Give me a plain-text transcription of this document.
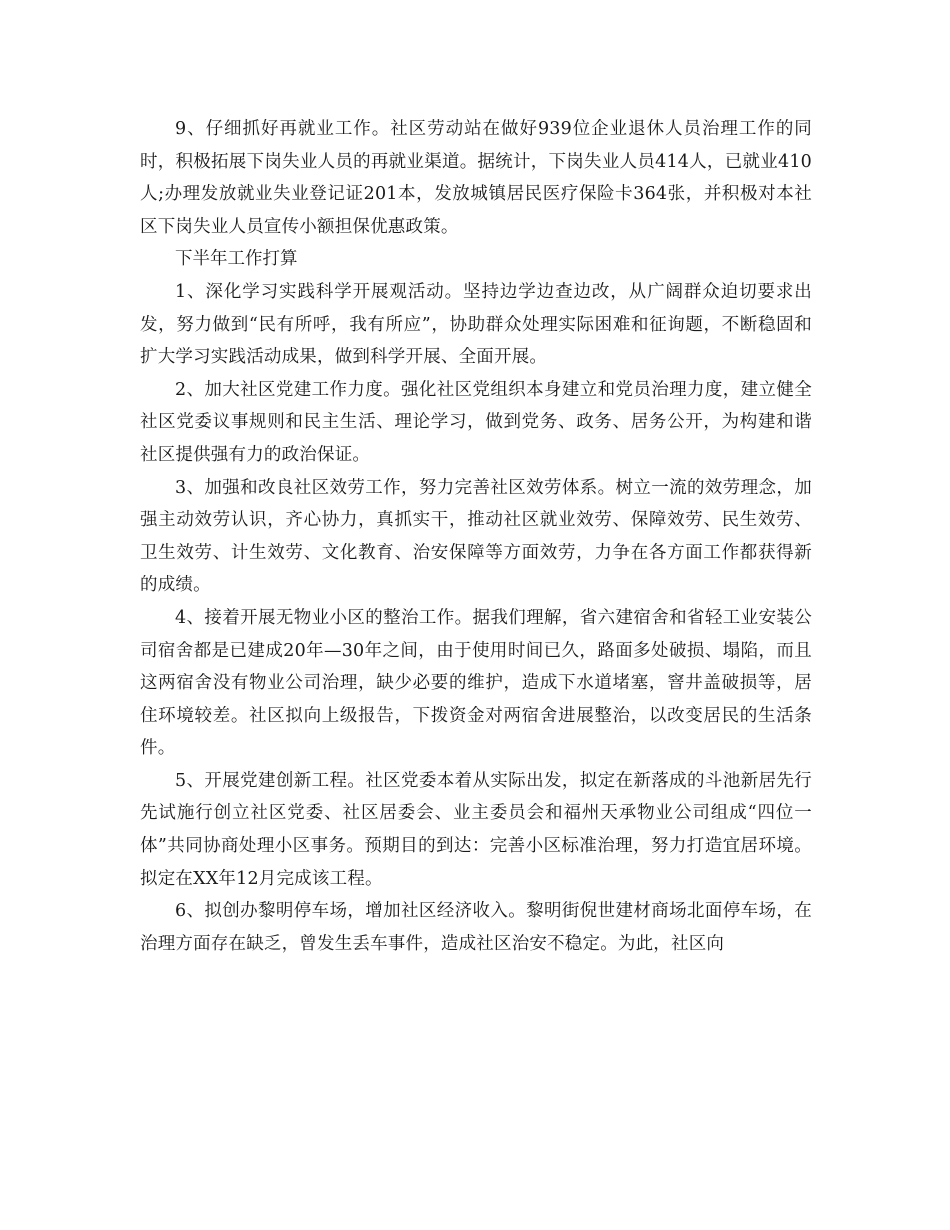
9、仔细抓好再就业工作。社区劳动站在做好939位企业退休人员治理工作的同时，积极拓展下岗失业人员的再就业渠道。据统计，下岗失业人员414人，已就业410人;办理发放就业失业登记证201本，发放城镇居民医疗保险卡364张，并积极对本社区下岗失业人员宣传小额担保优惠政策。

下半年工作打算

1、深化学习实践科学开展观活动。坚持边学边查边改，从广阔群众迫切要求出发，努力做到“民有所呼，我有所应”，协助群众处理实际困难和征询题，不断稳固和扩大学习实践活动成果，做到科学开展、全面开展。

2、加大社区党建工作力度。强化社区党组织本身建立和党员治理力度，建立健全社区党委议事规则和民主生活、理论学习，做到党务、政务、居务公开，为构建和谐社区提供强有力的政治保证。

3、加强和改良社区效劳工作，努力完善社区效劳体系。树立一流的效劳理念，加强主动效劳认识，齐心协力，真抓实干，推动社区就业效劳、保障效劳、民生效劳、卫生效劳、计生效劳、文化教育、治安保障等方面效劳，力争在各方面工作都获得新的成绩。

4、接着开展无物业小区的整治工作。据我们理解，省六建宿舍和省轻工业安装公司宿舍都是已建成20年—30年之间，由于使用时间已久，路面多处破损、塌陷，而且这两宿舍没有物业公司治理，缺少必要的维护，造成下水道堵塞，窨井盖破损等，居住环境较差。社区拟向上级报告，下拨资金对两宿舍进展整治，以改变居民的生活条件。

5、开展党建创新工程。社区党委本着从实际出发，拟定在新落成的斗池新居先行先试施行创立社区党委、社区居委会、业主委员会和福州天承物业公司组成“四位一体”共同协商处理小区事务。预期目的到达：完善小区标准治理，努力打造宜居环境。拟定在XX年12月完成该工程。

6、拟创办黎明停车场，增加社区经济收入。黎明街倪世建材商场北面停车场，在治理方面存在缺乏，曾发生丢车事件，造成社区治安不稳定。为此，社区向
